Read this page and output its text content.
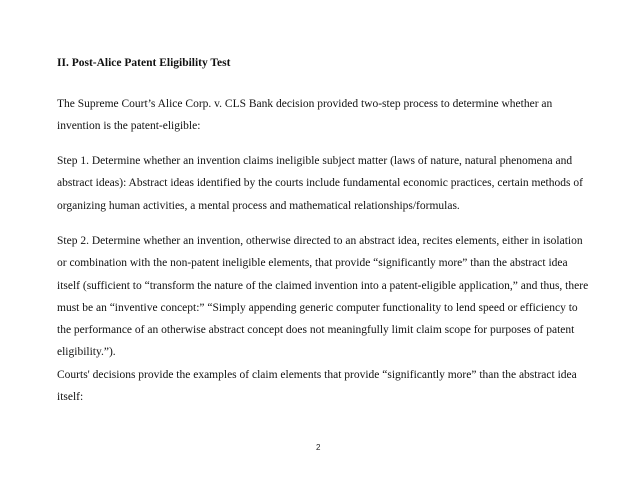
II. Post-Alice Patent Eligibility Test
The Supreme Court’s Alice Corp. v. CLS Bank decision provided two-step process to determine whether an
invention is the patent-eligible:
Step 1. Determine whether an invention claims ineligible subject matter (laws of nature, natural phenomena and
abstract ideas): Abstract ideas identified by the courts include fundamental economic practices, certain methods of
organizing human activities, a mental process and mathematical relationships/formulas.
Step 2. Determine whether an invention, otherwise directed to an abstract idea, recites elements, either in isolation
or combination with the non-patent ineligible elements, that provide “significantly more” than the abstract idea
itself (sufficient to “transform the nature of the claimed invention into a patent-eligible application,” and thus, there
must be an “inventive concept:” “Simply appending generic computer functionality to lend speed or efficiency to
the performance of an otherwise abstract concept does not meaningfully limit claim scope for purposes of patent
eligibility.”).
Courts' decisions provide the examples of claim elements that provide “significantly more” than the abstract idea
itself:
2
